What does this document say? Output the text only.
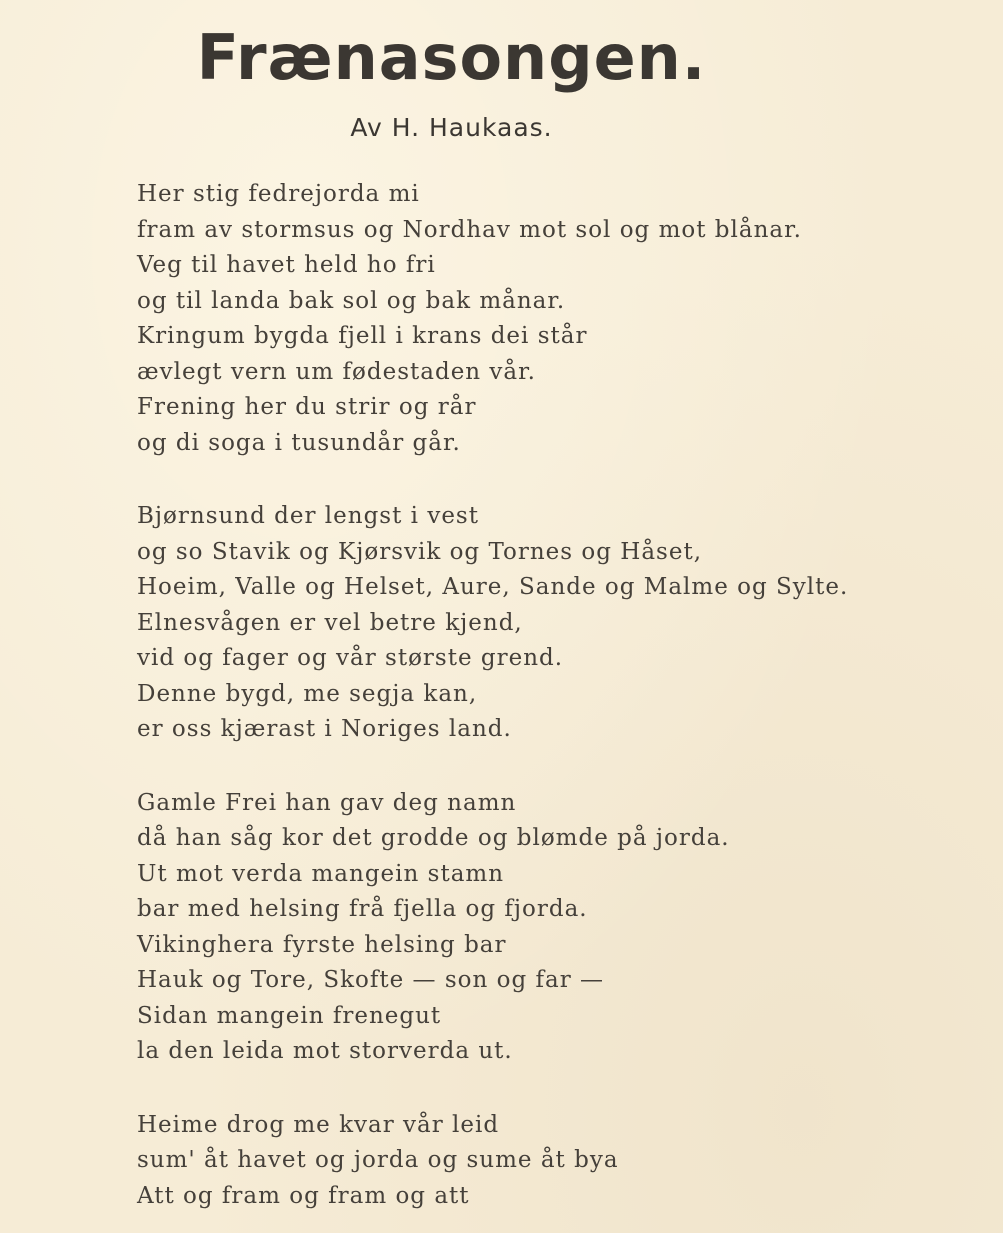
Frænasongen.
Av H. Haukaas.
Her stig fedrejorda mi
fram av stormsus og Nordhav mot sol og mot blånar.
Veg til havet held ho fri
og til landa bak sol og bak månar.
Kringum bygda fjell i krans dei står
ævlegt vern um fødestaden vår.
Frening her du strir og rår
og di soga i tusundår går.
Bjørnsund der lengst i vest
og so Stavik og Kjørsvik og Tornes og Håset,
Hoeim, Valle og Helset, Aure, Sande og Malme og Sylte.
Elnesvågen er vel betre kjend,
vid og fager og vår største grend.
Denne bygd, me segja kan,
er oss kjærast i Noriges land.
Gamle Frei han gav deg namn
då han såg kor det grodde og blømde på jorda.
Ut mot verda mangein stamn
bar med helsing frå fjella og fjorda.
Vikinghera fyrste helsing bar
Hauk og Tore, Skofte — son og far —
Sidan mangein frenegut
la den leida mot storverda ut.
Heime drog me kvar vår leid
sum' åt havet og jorda og sume åt bya
Att og fram og fram og att
